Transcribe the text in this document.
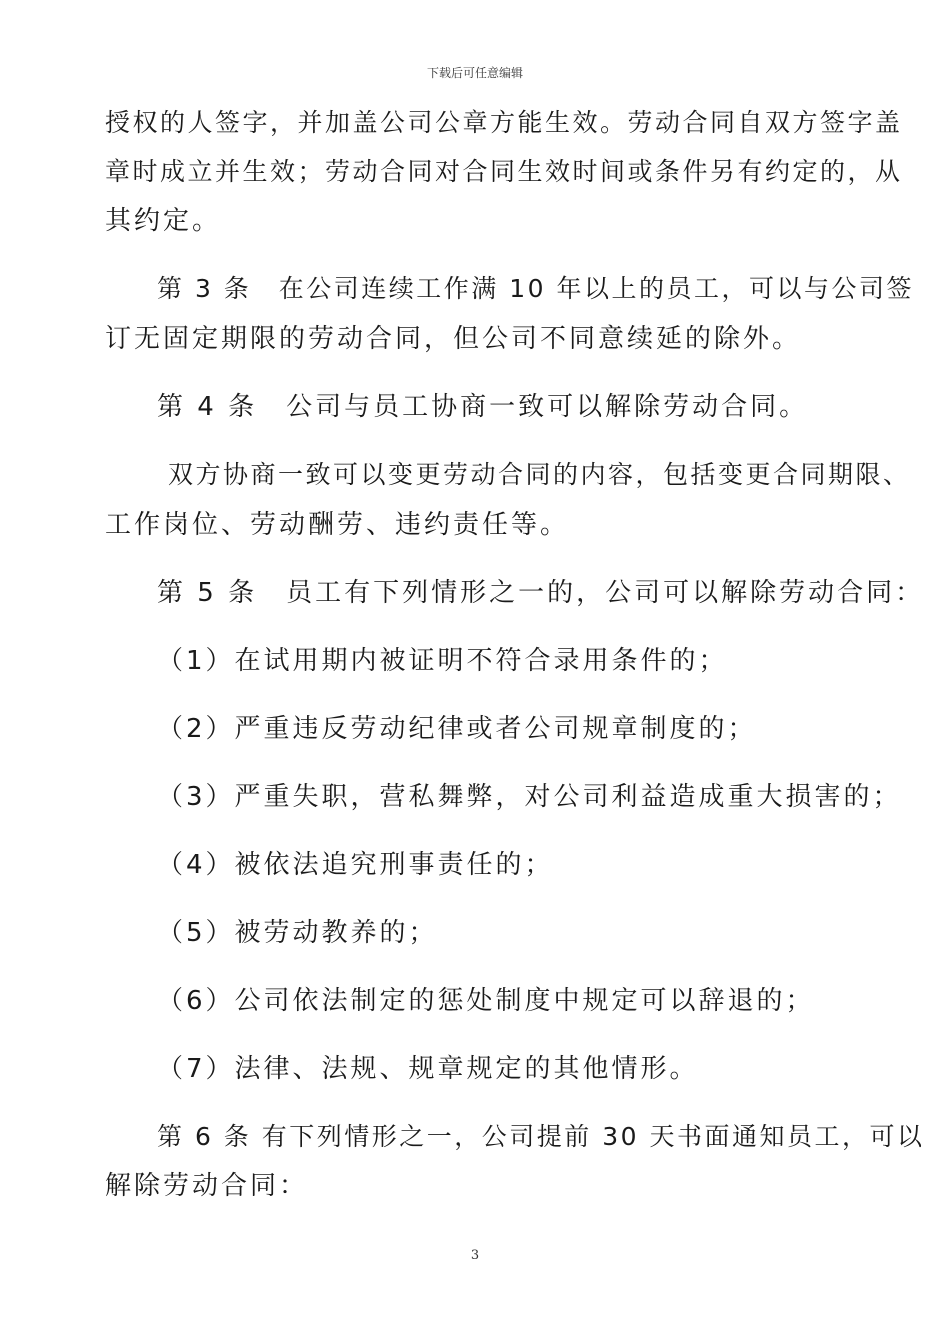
下载后可任意编辑
授权的人签字，并加盖公司公章方能生效。劳动合同自双方签字盖
章时成立并生效；劳动合同对合同生效时间或条件另有约定的，从
其约定。
第 3 条　在公司连续工作满 10 年以上的员工，可以与公司签
订无固定期限的劳动合同，但公司不同意续延的除外。
第 4 条　公司与员工协商一致可以解除劳动合同。
双方协商一致可以变更劳动合同的内容，包括变更合同期限、
工作岗位、劳动酬劳、违约责任等。
第 5 条　员工有下列情形之一的，公司可以解除劳动合同：
（1）在试用期内被证明不符合录用条件的；
（2）严重违反劳动纪律或者公司规章制度的；
（3）严重失职，营私舞弊，对公司利益造成重大损害的；
（4）被依法追究刑事责任的；
（5）被劳动教养的；
（6）公司依法制定的惩处制度中规定可以辞退的；
（7）法律、法规、规章规定的其他情形。
第 6 条 有下列情形之一，公司提前 30 天书面通知员工，可以
解除劳动合同：
3
